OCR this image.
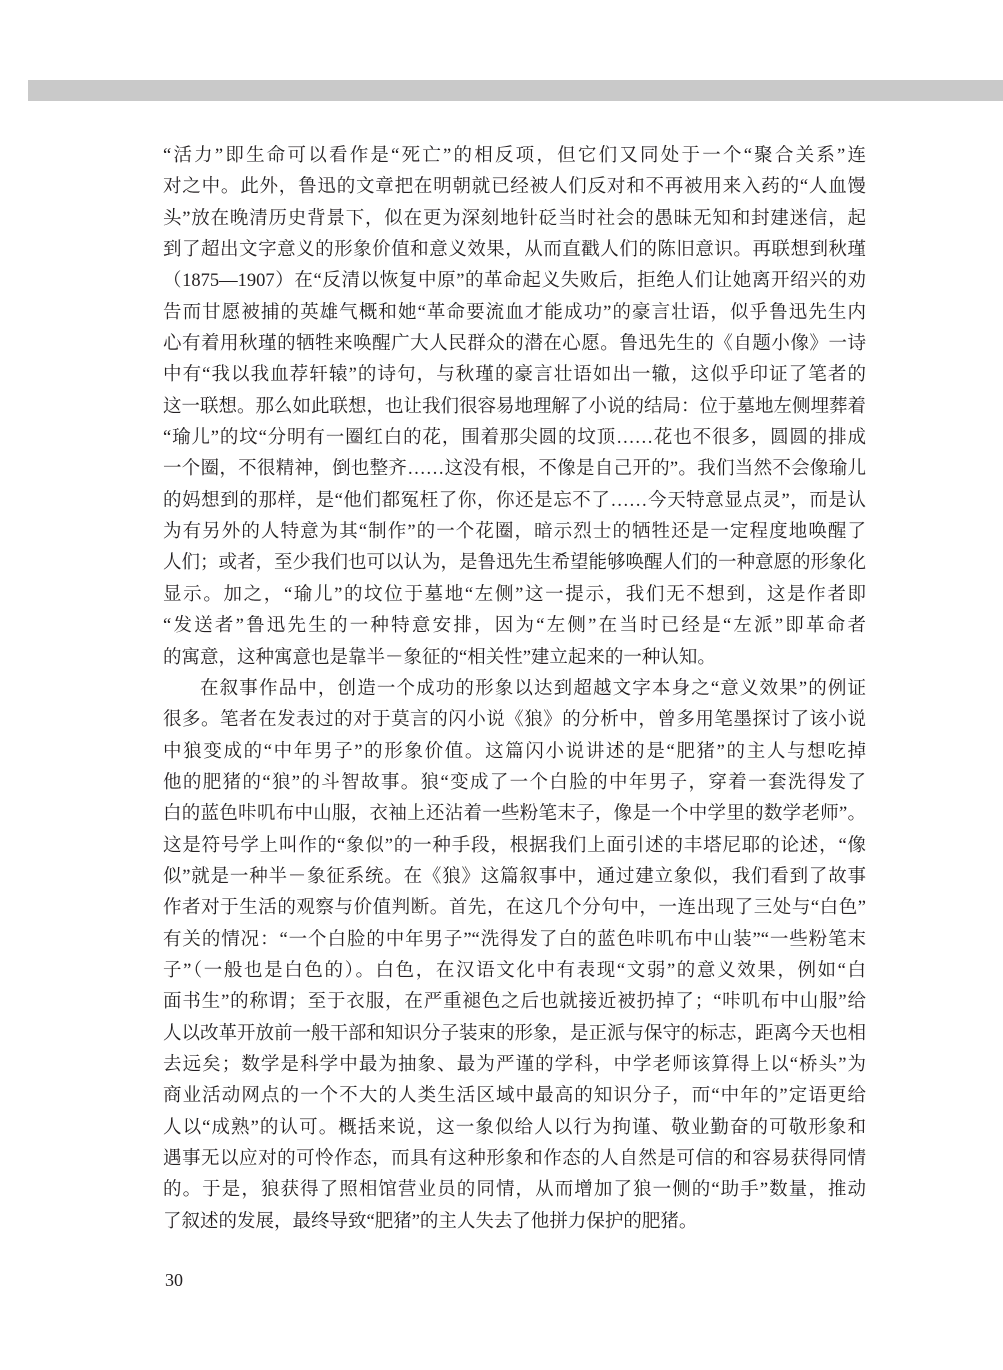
“活力”即生命可以看作是“死亡”的相反项，但它们又同处于一个“聚合关系”连
对之中。此外，鲁迅的文章把在明朝就已经被人们反对和不再被用来入药的“人血馒
头”放在晚清历史背景下，似在更为深刻地针砭当时社会的愚昧无知和封建迷信，起
到了超出文字意义的形象价值和意义效果，从而直戳人们的陈旧意识。再联想到秋瑾
（1875—1907）在“反清以恢复中原”的革命起义失败后，拒绝人们让她离开绍兴的劝
告而甘愿被捕的英雄气概和她“革命要流血才能成功”的豪言壮语，似乎鲁迅先生内
心有着用秋瑾的牺牲来唤醒广大人民群众的潜在心愿。鲁迅先生的《自题小像》一诗
中有“我以我血荐轩辕”的诗句，与秋瑾的豪言壮语如出一辙，这似乎印证了笔者的
这一联想。那么如此联想，也让我们很容易地理解了小说的结局：位于墓地左侧埋葬着
“瑜儿”的坟“分明有一圈红白的花，围着那尖圆的坟顶……花也不很多，圆圆的排成
一个圈，不很精神，倒也整齐……这没有根，不像是自己开的”。我们当然不会像瑜儿
的妈想到的那样，是“他们都冤枉了你，你还是忘不了……今天特意显点灵”，而是认
为有另外的人特意为其“制作”的一个花圈，暗示烈士的牺牲还是一定程度地唤醒了
人们；或者，至少我们也可以认为，是鲁迅先生希望能够唤醒人们的一种意愿的形象化
显示。加之，“瑜儿”的坟位于墓地“左侧”这一提示，我们无不想到，这是作者即
“发送者”鲁迅先生的一种特意安排，因为“左侧”在当时已经是“左派”即革命者
的寓意，这种寓意也是靠半－象征的“相关性”建立起来的一种认知。
在叙事作品中，创造一个成功的形象以达到超越文字本身之“意义效果”的例证
很多。笔者在发表过的对于莫言的闪小说《狼》的分析中，曾多用笔墨探讨了该小说
中狼变成的“中年男子”的形象价值。这篇闪小说讲述的是“肥猪”的主人与想吃掉
他的肥猪的“狼”的斗智故事。狼“变成了一个白脸的中年男子，穿着一套洗得发了
白的蓝色咔叽布中山服，衣袖上还沾着一些粉笔末子，像是一个中学里的数学老师”。
这是符号学上叫作的“象似”的一种手段，根据我们上面引述的丰塔尼耶的论述，“像
似”就是一种半－象征系统。在《狼》这篇叙事中，通过建立象似，我们看到了故事
作者对于生活的观察与价值判断。首先，在这几个分句中，一连出现了三处与“白色”
有关的情况：“一个白脸的中年男子”“洗得发了白的蓝色咔叽布中山装”“一些粉笔末
子”（一般也是白色的）。白色，在汉语文化中有表现“文弱”的意义效果，例如“白
面书生”的称谓；至于衣服，在严重褪色之后也就接近被扔掉了；“咔叽布中山服”给
人以改革开放前一般干部和知识分子装束的形象，是正派与保守的标志，距离今天也相
去远矣；数学是科学中最为抽象、最为严谨的学科，中学老师该算得上以“桥头”为
商业活动网点的一个不大的人类生活区域中最高的知识分子，而“中年的”定语更给
人以“成熟”的认可。概括来说，这一象似给人以行为拘谨、敬业勤奋的可敬形象和
遇事无以应对的可怜作态，而具有这种形象和作态的人自然是可信的和容易获得同情
的。于是，狼获得了照相馆营业员的同情，从而增加了狼一侧的“助手”数量，推动
了叙述的发展，最终导致“肥猪”的主人失去了他拼力保护的肥猪。
30
